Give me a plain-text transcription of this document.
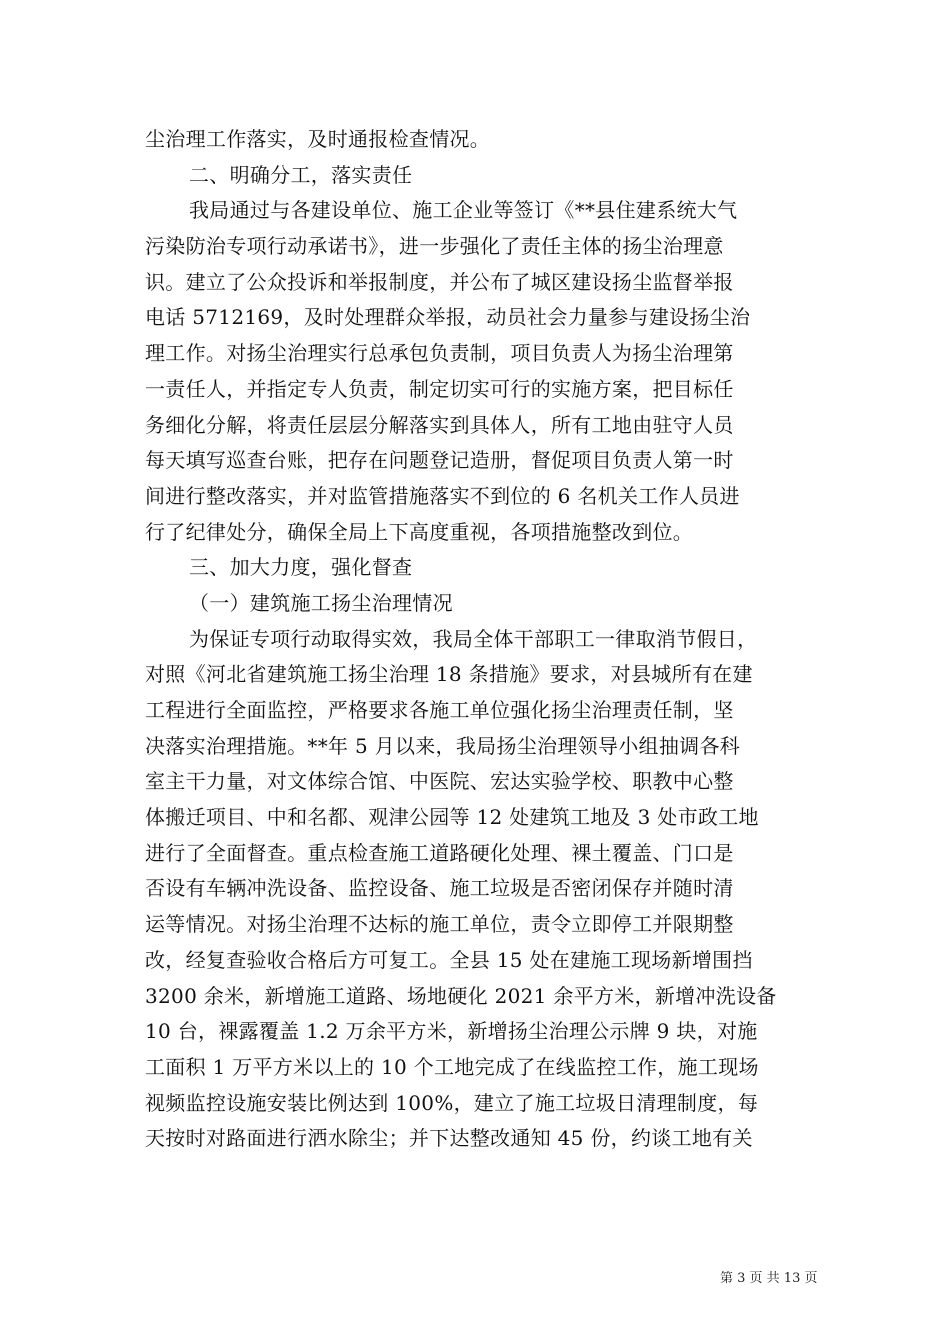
尘治理工作落实，及时通报检查情况。
二、明确分工，落实责任
我局通过与各建设单位、施工企业等签订《**县住建系统大气
污染防治专项行动承诺书》，进一步强化了责任主体的扬尘治理意
识。建立了公众投诉和举报制度，并公布了城区建设扬尘监督举报
电话 5712169，及时处理群众举报，动员社会力量参与建设扬尘治
理工作。对扬尘治理实行总承包负责制，项目负责人为扬尘治理第
一责任人，并指定专人负责，制定切实可行的实施方案，把目标任
务细化分解，将责任层层分解落实到具体人，所有工地由驻守人员
每天填写巡查台账，把存在问题登记造册，督促项目负责人第一时
间进行整改落实，并对监管措施落实不到位的 6 名机关工作人员进
行了纪律处分，确保全局上下高度重视，各项措施整改到位。
三、加大力度，强化督查
（一）建筑施工扬尘治理情况
为保证专项行动取得实效，我局全体干部职工一律取消节假日，
对照《河北省建筑施工扬尘治理 18 条措施》要求，对县城所有在建
工程进行全面监控，严格要求各施工单位强化扬尘治理责任制，坚
决落实治理措施。**年 5 月以来，我局扬尘治理领导小组抽调各科
室主干力量，对文体综合馆、中医院、宏达实验学校、职教中心整
体搬迁项目、中和名都、观津公园等 12 处建筑工地及 3 处市政工地
进行了全面督查。重点检查施工道路硬化处理、裸土覆盖、门口是
否设有车辆冲洗设备、监控设备、施工垃圾是否密闭保存并随时清
运等情况。对扬尘治理不达标的施工单位，责令立即停工并限期整
改，经复查验收合格后方可复工。全县 15 处在建施工现场新增围挡
3200 余米，新增施工道路、场地硬化 2021 余平方米，新增冲洗设备
10 台，裸露覆盖 1.2 万余平方米，新增扬尘治理公示牌 9 块，对施
工面积 1 万平方米以上的 10 个工地完成了在线监控工作，施工现场
视频监控设施安装比例达到 100%，建立了施工垃圾日清理制度，每
天按时对路面进行洒水除尘；并下达整改通知 45 份，约谈工地有关
第 3 页 共 13 页
